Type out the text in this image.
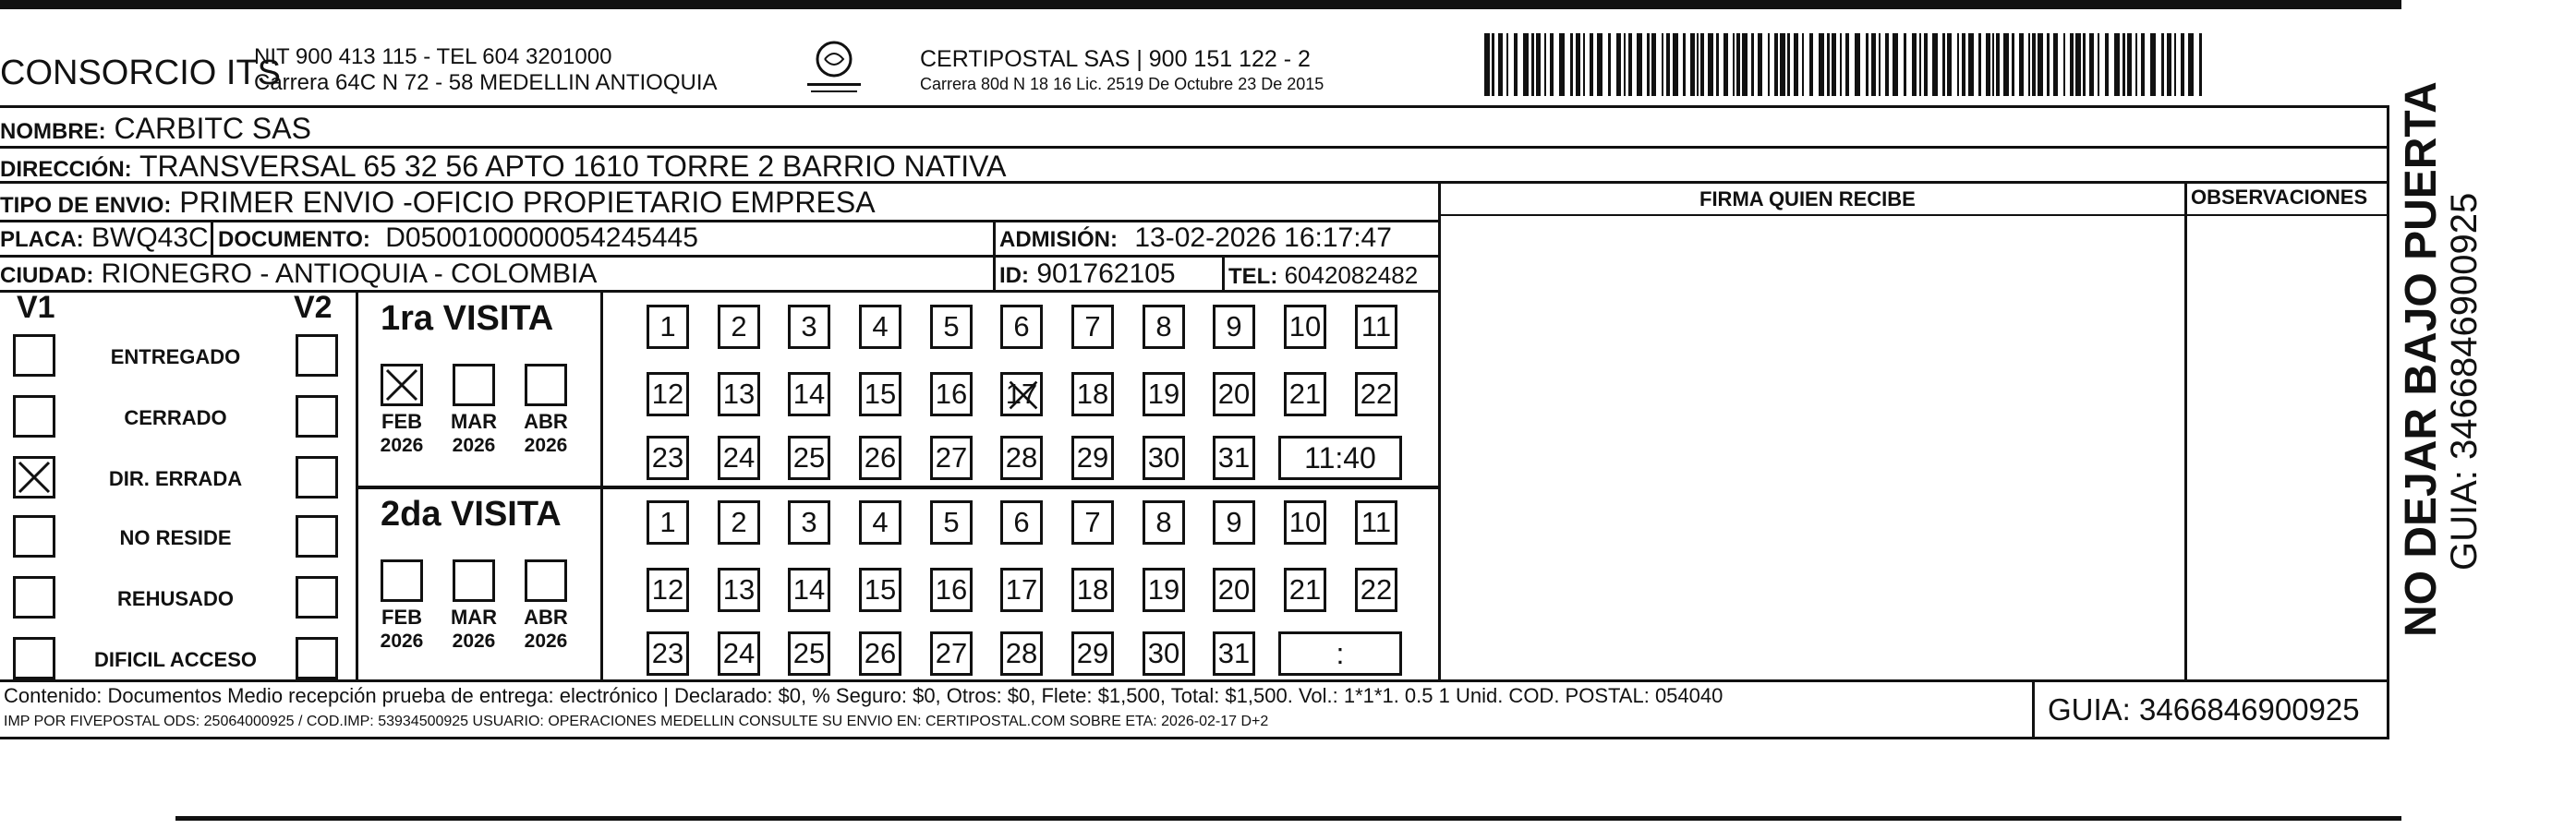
CONSORCIO ITS
NIT 900 413 115 - TEL 604 3201000
Carrera 64C N 72 - 58 MEDELLIN ANTIOQUIA
CERTIPOSTAL SAS | 900 151 122 - 2
Carrera 80d N 18 16 Lic. 2519 De Octubre 23 De 2015
NOMBRE: CARBITC SAS
DIRECCIÓN: TRANSVERSAL 65 32 56 APTO 1610 TORRE 2 BARRIO NATIVA
TIPO DE ENVIO: PRIMER ENVIO -OFICIO PROPIETARIO EMPRESA
PLACA: BWQ43C DOCUMENTO: D0500100000054245445	ADMISIÓN: 13-02-2026 16:17:47
CIUDAD: RIONEGRO - ANTIOQUIA - COLOMBIA	ID: 901762105 TEL: 6042082482
FIRMA QUIEN RECIBE	OBSERVACIONES
V1	V2
ENTREGADO
CERRADO
DIR. ERRADA
NO RESIDE
REHUSADO
DIFICIL ACCESO
1ra VISITA
2da VISITA
FEB
2026
MAR
2026
ABR
2026
1	2	3	4	5	6	7	8	9	10 11
12 13 14 15 16 17 18 19 20 21 22
23 24 25 26 27 28 29 30 31	11:40
FEB
2026
MAR
2026
ABR
2026
1	2	3	4	5	6	7	8	9	10 11
12 13 14 15 16 17 18 19 20 21 22
23 24 25 26 27 28 29 30 31	:
Contenido: Documentos Medio recepción prueba de entrega: electrónico | Declarado: $0, % Seguro: $0, Otros: $0, Flete: $1,500, Total: $1,500. Vol.: 1*1*1. 0.5 1 Unid. COD. POSTAL: 054040
IMP POR FIVEPOSTAL ODS: 25064000925 / COD.IMP: 53934500925 USUARIO: OPERACIONES MEDELLIN CONSULTE SU ENVIO EN: CERTIPOSTAL.COM SOBRE ETA: 2026-02-17 D+2	GUIA: 3466846900925
NO DEJAR BAJO PUERTA
GUIA: 3466846900925
